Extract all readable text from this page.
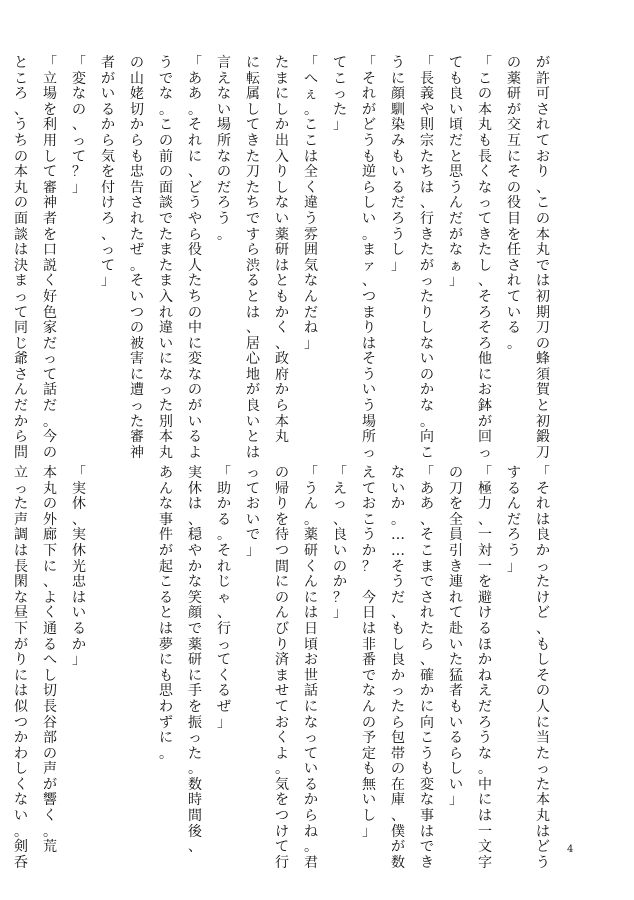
が
許
可
さ
れ
て
お
り
、
こ
の
本
丸
で
は
初
期
刀
の
蜂
須
賀
と
初
鍛
刀
の
薬
研
が
交
互
に
そ
の
役
目
を
任
さ
れ
て
い
る
。
「
こ
の
本
丸
も
長
く
な
っ
て
き
た
し
、
そ
ろ
そ
ろ
他
に
お
鉢
が
回
っ
て
も
良
い
頃
だ
と
思
う
ん
だ
が
な
ぁ
」
「
長
義
や
則
宗
た
ち
は
、
行
き
た
が
っ
た
り
し
な
い
の
か
な
。
向
こ
う
に
顔
馴
染
み
も
い
る
だ
ろ
う
し
」
「
そ
れ
が
ど
う
も
逆
ら
し
い
。
ま
ァ
、
つ
ま
り
は
そ
う
い
う
場
所
っ
て
こ
っ
た
」
「
へ
ぇ
。
こ
こ
は
全
く
違
う
雰
囲
気
な
ん
だ
ね
」
た
ま
に
し
か
出
入
り
し
な
い
薬
研
は
と
も
か
く
、
政
府
か
ら
本
丸
に
転
属
し
て
き
た
刀
た
ち
で
す
ら
渋
る
と
は
、
居
心
地
が
良
い
と
は
言
え
な
い
場
所
な
の
だ
ろ
う
。
「
あ
あ
。
そ
れ
に
、
ど
う
や
ら
役
人
た
ち
の
中
に
変
な
の
が
い
る
よ
う
で
な
。
こ
の
前
の
面
談
で
た
ま
た
ま
入
れ
違
い
に
な
っ
た
別
本
丸
の
山
姥
切
か
ら
も
忠
告
さ
れ
た
ぜ
。
そ
い
つ
の
被
害
に
遭
っ
た
審
神
者
が
い
る
か
ら
気
を
付
け
ろ
、
っ
て
」
「
変
な
の
、
っ
て
？
」
「
立
場
を
利
用
し
て
審
神
者
を
口
説
く
好
色
家
だ
っ
て
話
だ
。
今
の
と
こ
ろ
、
う
ち
の
本
丸
の
面
談
は
決
ま
っ
て
同
じ
爺
さ
ん
だ
か
ら
問
「
そ
れ
は
良
か
っ
た
け
ど
、
も
し
そ
の
人
に
当
た
っ
た
本
丸
は
ど
う
す
る
ん
だ
ろ
う
」
「
極
力
、
一
対
一
を
避
け
る
ほ
か
ね
え
だ
ろ
う
な
。
中
に
は
一
文
字
の
刀
を
全
員
引
き
連
れ
て
赴
い
た
猛
者
も
い
る
ら
し
い
」
「
あ
あ
、
そ
こ
ま
で
さ
れ
た
ら
、
確
か
に
向
こ
う
も
変
な
事
は
で
き
な
い
か
。
…
…
そ
う
だ
、
も
し
良
か
っ
た
ら
包
帯
の
在
庫
、
僕
が
数
え
て
お
こ
う
か
？

今
日
は
非
番
で
な
ん
の
予
定
も
無
い
し
」
「
え
っ
、
良
い
の
か
？
」
「
う
ん
。
薬
研
く
ん
に
は
日
頃
お
世
話
に
な
っ
て
い
る
か
ら
ね
。
君
の
帰
り
を
待
つ
間
に
の
ん
び
り
済
ま
せ
て
お
く
よ
。
気
を
つ
け
て
行
っ
て
お
い
で
」
「
助
か
る
。
そ
れ
じ
ゃ
、
行
っ
て
く
る
ぜ
」
実
休
は
、
穏
や
か
な
笑
顔
で
薬
研
に
手
を
振
っ
た
。
数
時
間
後
、
あ
ん
な
事
件
が
起
こ
る
と
は
夢
に
も
思
わ
ず
に
。
「
実
休
、
実
休
光
忠
は
い
る
か
」
本
丸
の
外
廊
下
に
、
よ
く
通
る
へ
し
切
長
谷
部
の
声
が
響
く
。
荒
立
っ
た
声
調
は
長
閑
な
昼
下
が
り
に
は
似
つ
か
わ
し
く
な
い
。
剣
呑
4
